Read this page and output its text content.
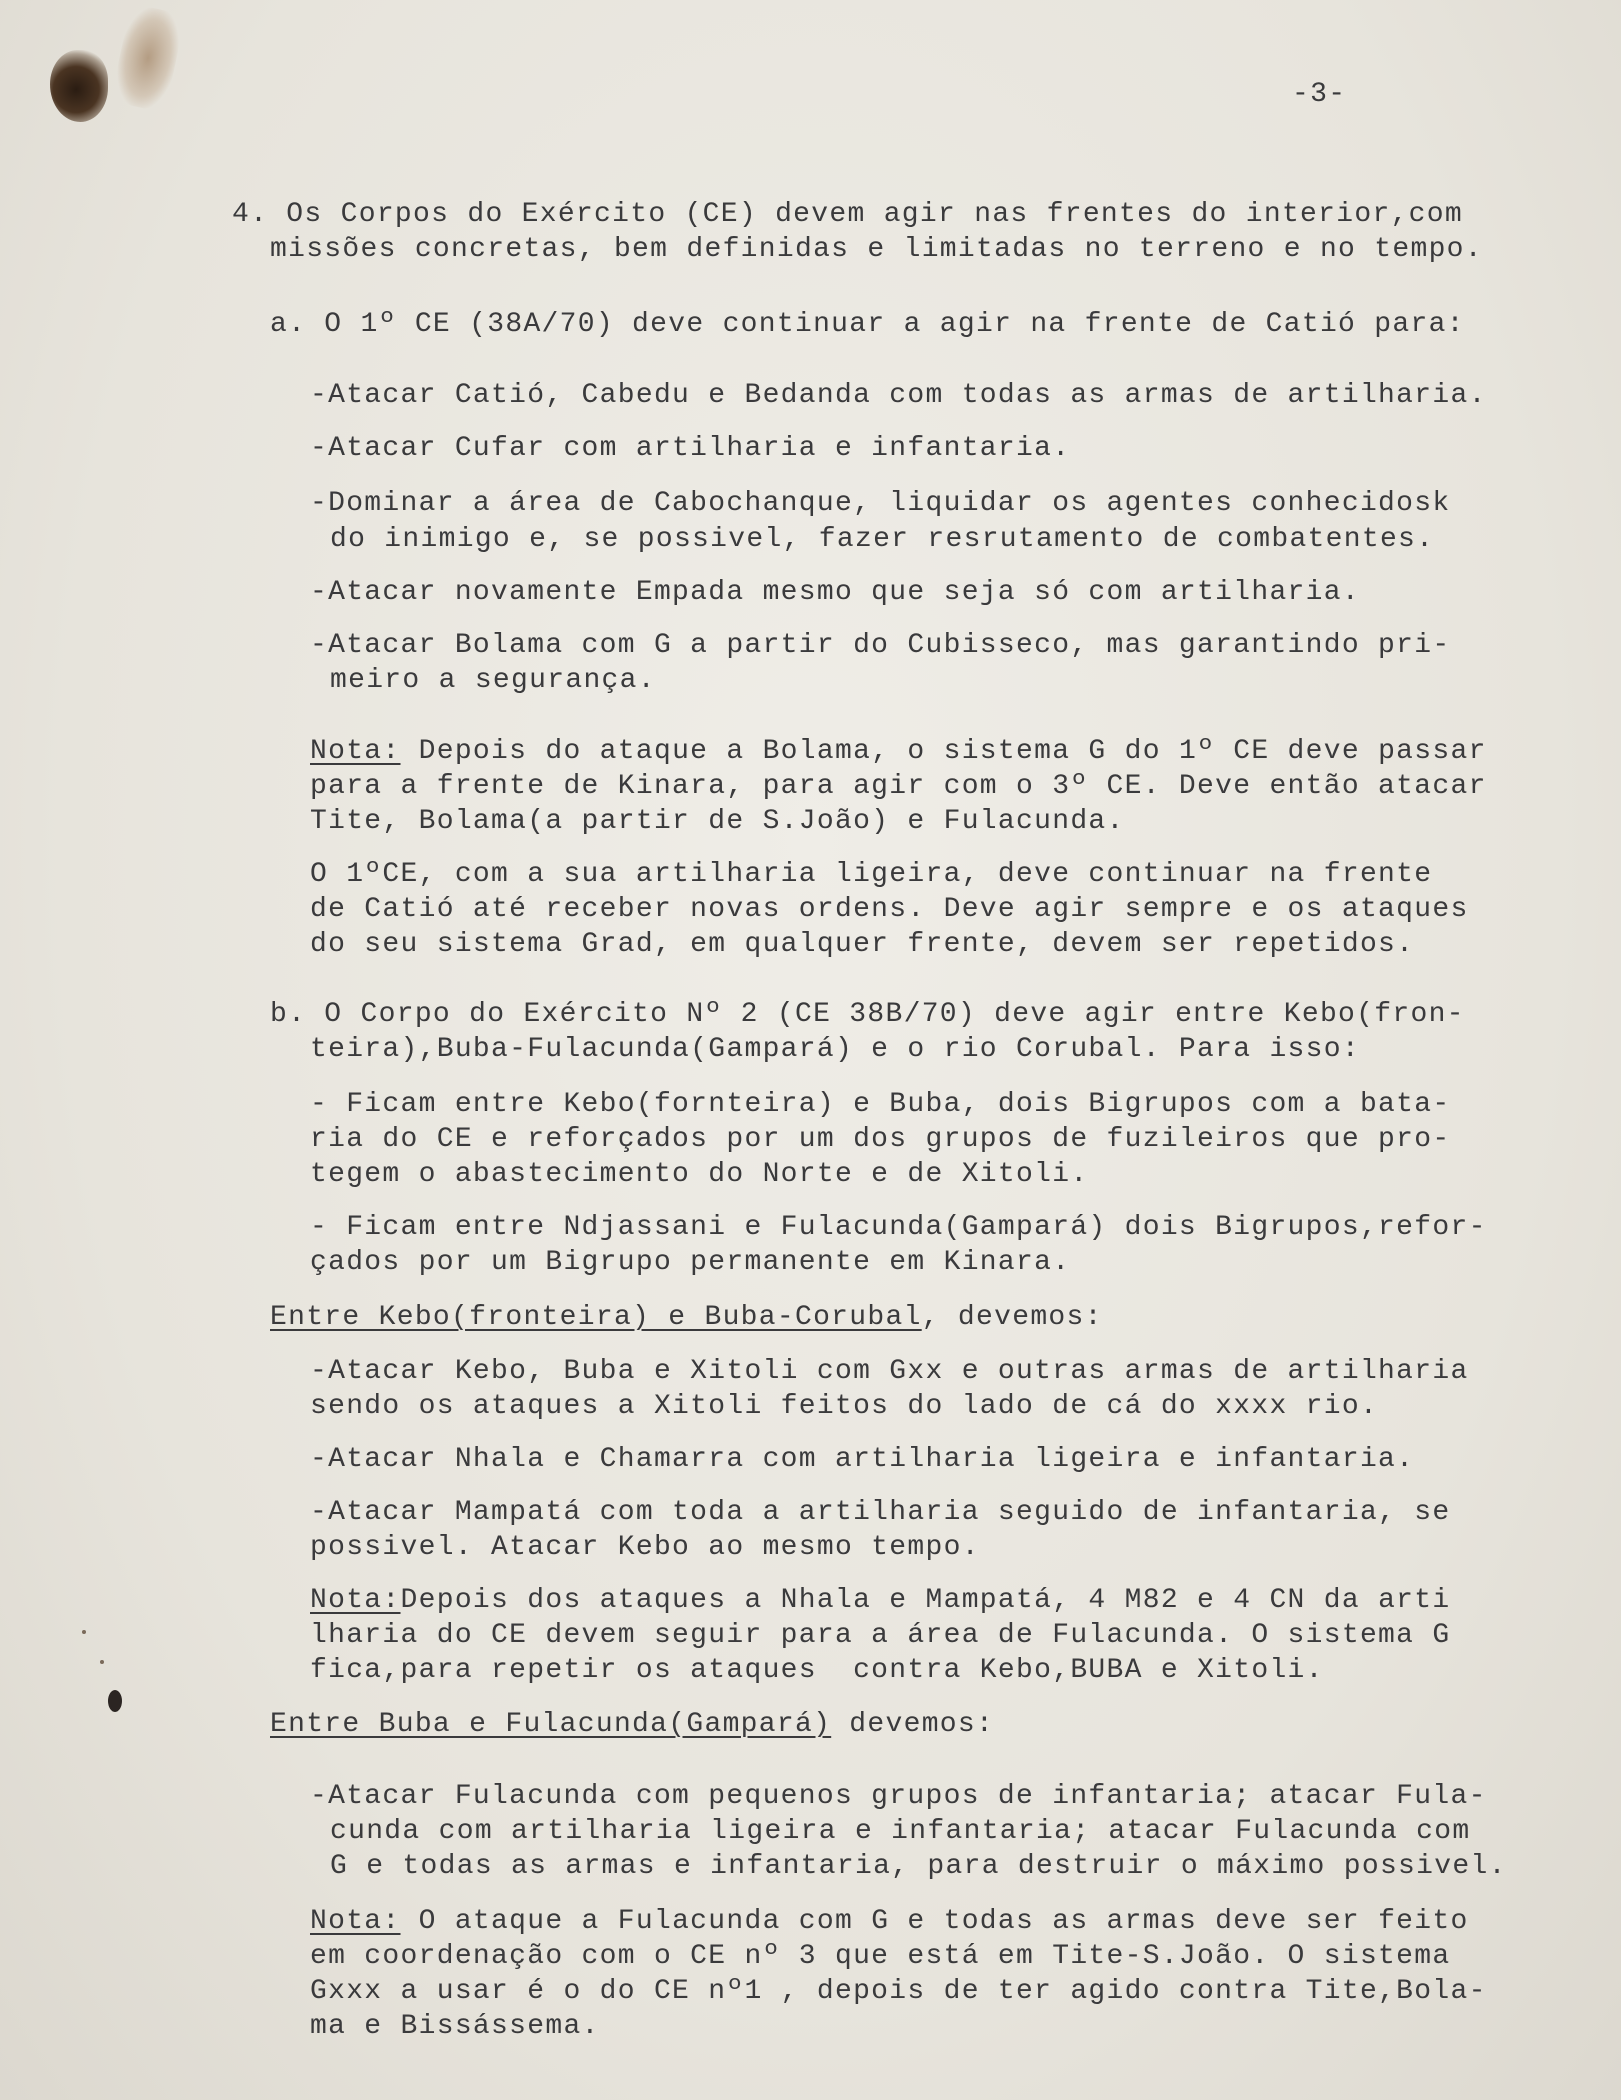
-3-

4. Os Corpos do Exército (CE) devem agir nas frentes do interior,com

missões concretas, bem definidas e limitadas no terreno e no tempo.

a. O 1º CE (38A/70) deve continuar a agir na frente de Catió para:

-Atacar Catió, Cabedu e Bedanda com todas as armas de artilharia.

-Atacar Cufar com artilharia e infantaria.

-Dominar a área de Cabochanque, liquidar os agentes conhecidosk

do inimigo e, se possivel, fazer resrutamento de combatentes.

-Atacar novamente Empada mesmo que seja só com artilharia.

-Atacar Bolama com G a partir do Cubisseco, mas garantindo pri-

meiro a segurança.

Nota: Depois do ataque a Bolama, o sistema G do 1º CE deve passar

para a frente de Kinara, para agir com o 3º CE. Deve então atacar

Tite, Bolama(a partir de S.João) e Fulacunda.

O 1ºCE, com a sua artilharia ligeira, deve continuar na frente

de Catió até receber novas ordens. Deve agir sempre e os ataques

do seu sistema Grad, em qualquer frente, devem ser repetidos.

b. O Corpo do Exército Nº 2 (CE 38B/70) deve agir entre Kebo(fron-

teira),Buba-Fulacunda(Gampará) e o rio Corubal. Para isso:

- Ficam entre Kebo(fornteira) e Buba, dois Bigrupos com a bata-

ria do CE e reforçados por um dos grupos de fuzileiros que pro-

tegem o abastecimento do Norte e de Xitoli.

- Ficam entre Ndjassani e Fulacunda(Gampará) dois Bigrupos,refor-

çados por um Bigrupo permanente em Kinara.

Entre Kebo(fronteira) e Buba-Corubal, devemos:

-Atacar Kebo, Buba e Xitoli com Gxx e outras armas de artilharia

sendo os ataques a Xitoli feitos do lado de cá do xxxx rio.

-Atacar Nhala e Chamarra com artilharia ligeira e infantaria.

-Atacar Mampatá com toda a artilharia seguido de infantaria, se

possivel. Atacar Kebo ao mesmo tempo.

Nota:Depois dos ataques a Nhala e Mampatá, 4 M82 e 4 CN da arti

lharia do CE devem seguir para a área de Fulacunda. O sistema G

fica,para repetir os ataques  contra Kebo,BUBA e Xitoli.

Entre Buba e Fulacunda(Gampará) devemos:

-Atacar Fulacunda com pequenos grupos de infantaria; atacar Fula-

cunda com artilharia ligeira e infantaria; atacar Fulacunda com

G e todas as armas e infantaria, para destruir o máximo possivel.

Nota: O ataque a Fulacunda com G e todas as armas deve ser feito

em coordenação com o CE nº 3 que está em Tite-S.João. O sistema

Gxxx a usar é o do CE nº1 , depois de ter agido contra Tite,Bola-

ma e Bissássema.
